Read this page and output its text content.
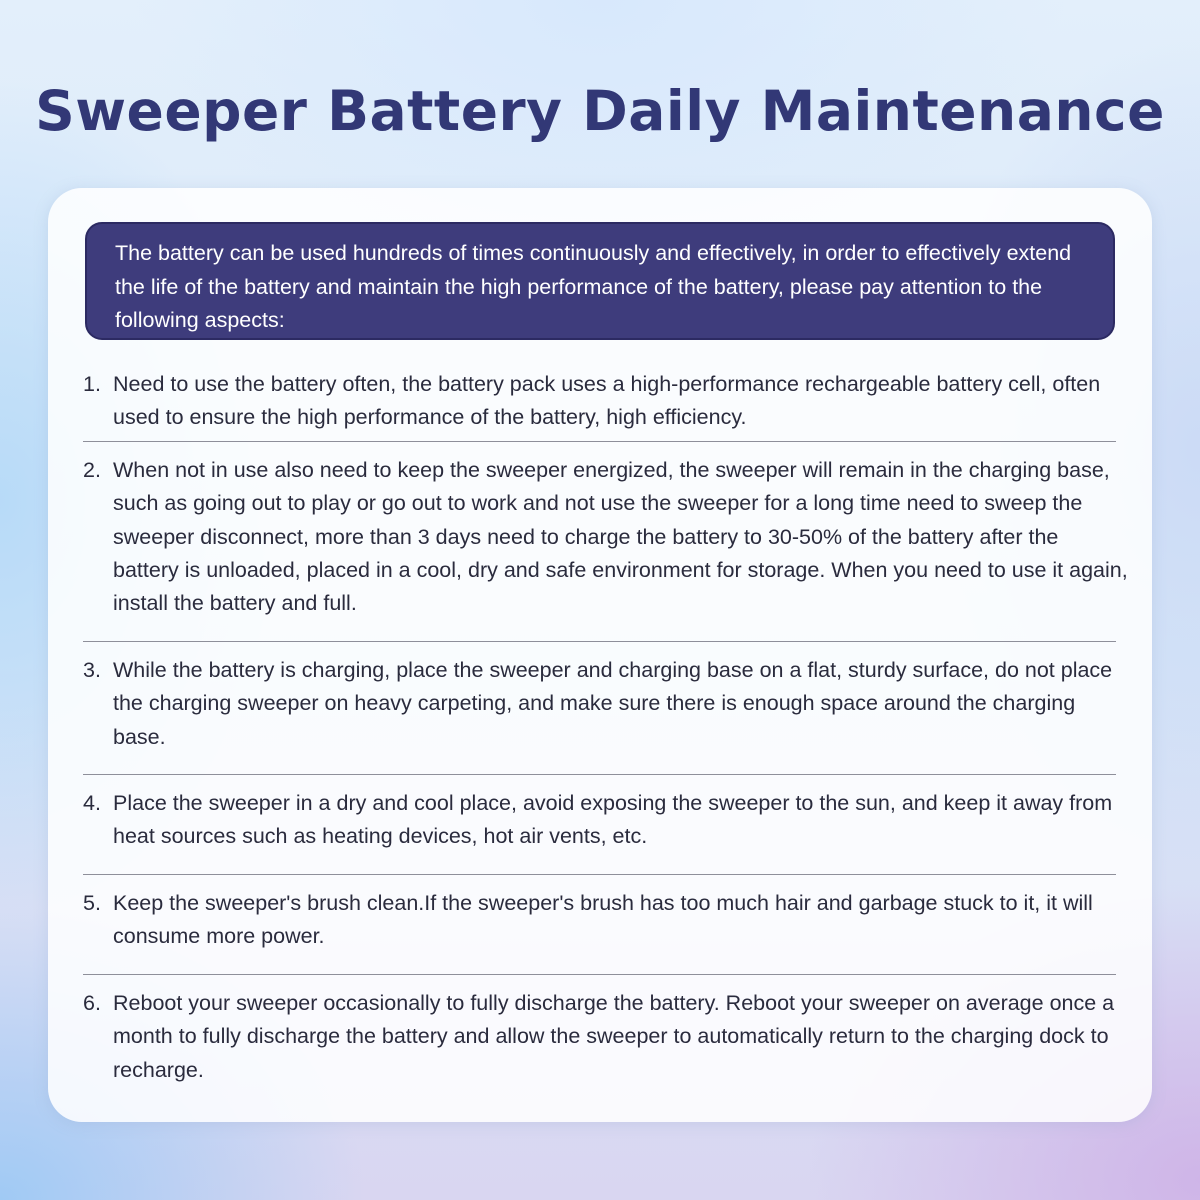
Sweeper Battery Daily Maintenance
The battery can be used hundreds of times continuously and effectively, in order to effectively extend the life of the battery and maintain the high performance of the battery, please pay attention to the following aspects:
1. Need to use the battery often, the battery pack uses a high-performance rechargeable battery cell, often used to ensure the high performance of the battery, high efficiency.
2. When not in use also need to keep the sweeper energized, the sweeper will remain in the charging base, such as going out to play or go out to work and not use the sweeper for a long time need to sweep the sweeper disconnect, more than 3 days need to charge the battery to 30-50% of the battery after the battery is unloaded, placed in a cool, dry and safe environment for storage. When you need to use it again, install the battery and full.
3. While the battery is charging, place the sweeper and charging base on a flat, sturdy surface, do not place the charging sweeper on heavy carpeting, and make sure there is enough space around the charging base.
4. Place the sweeper in a dry and cool place, avoid exposing the sweeper to the sun, and keep it away from heat sources such as heating devices, hot air vents, etc.
5. Keep the sweeper's brush clean.If the sweeper's brush has too much hair and garbage stuck to it, it will consume more power.
6. Reboot your sweeper occasionally to fully discharge the battery. Reboot your sweeper on average once a month to fully discharge the battery and allow the sweeper to automatically return to the charging dock to recharge.
